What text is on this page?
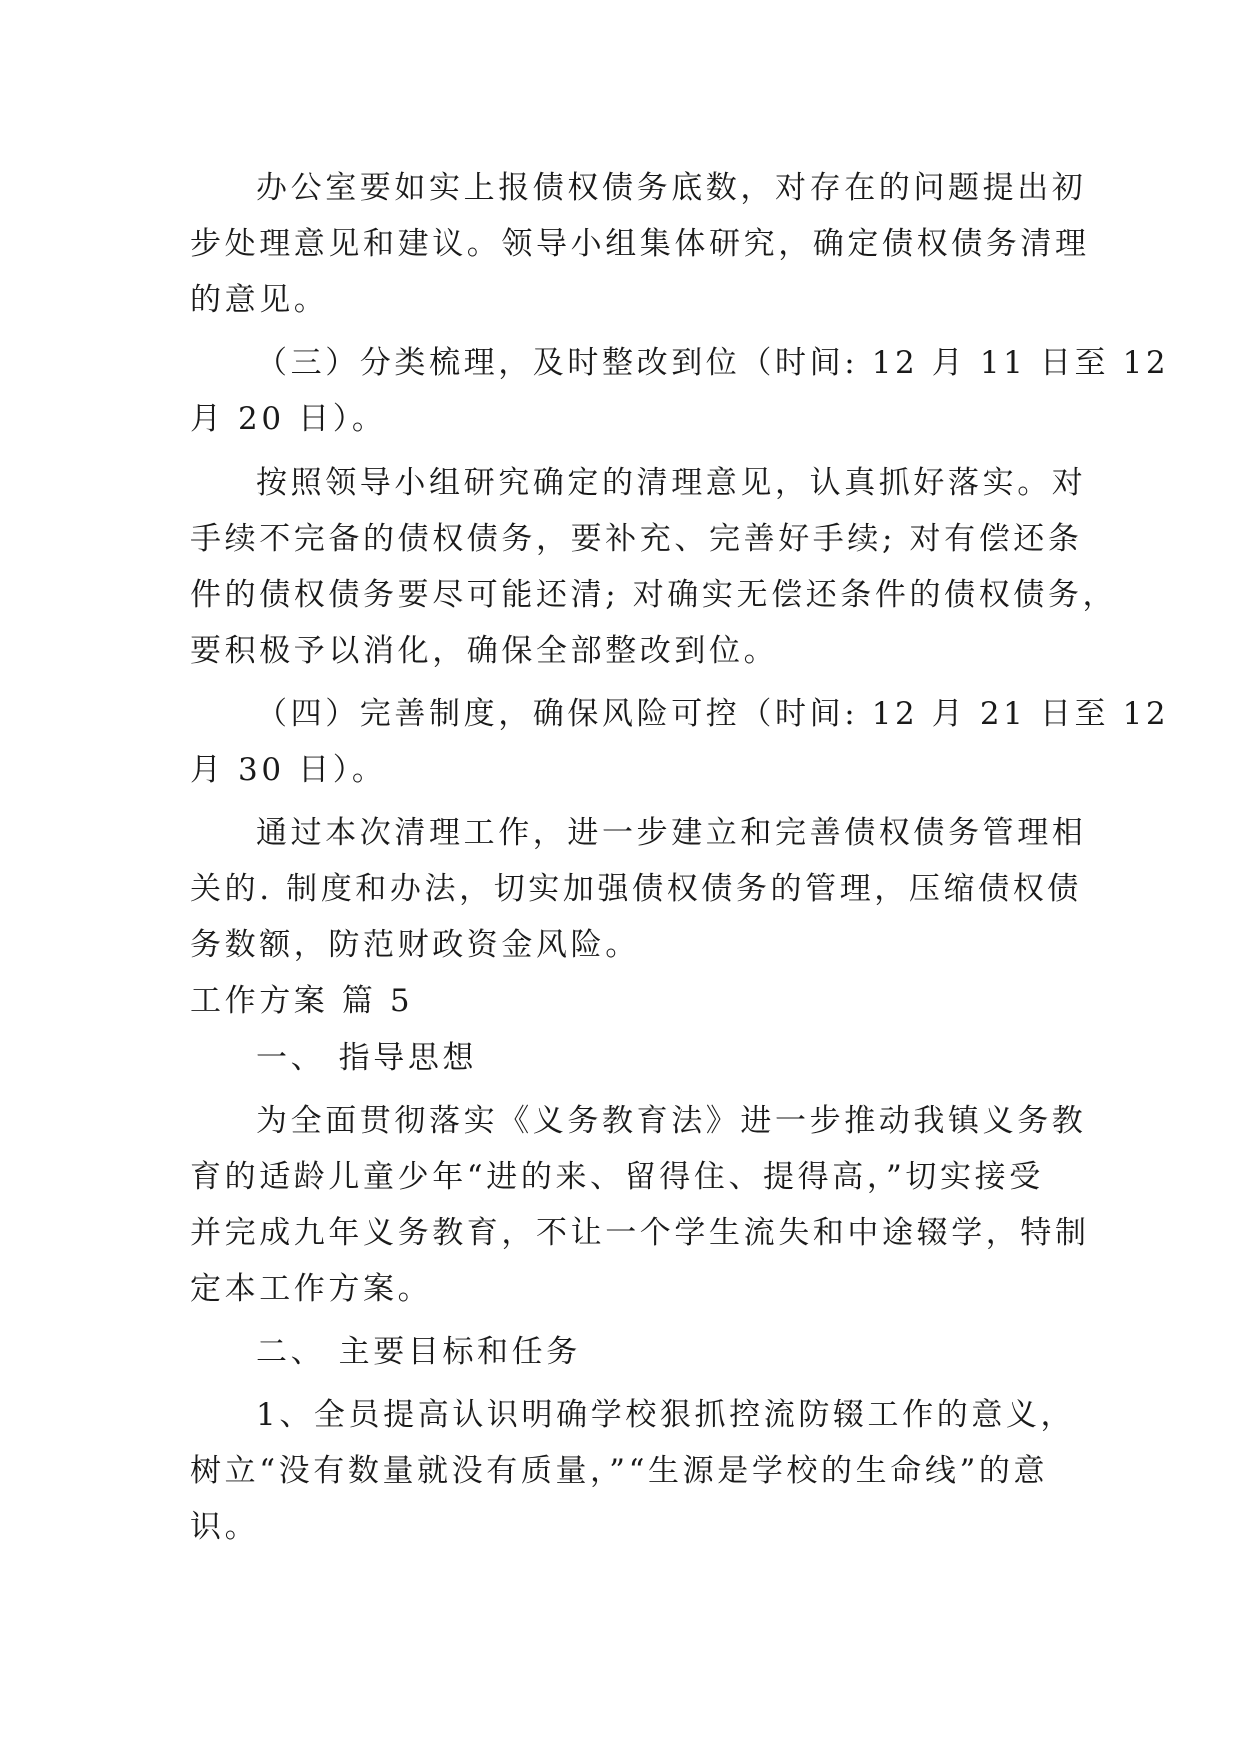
办公室要如实上报债权债务底数，对存在的问题提出初
步处理意见和建议。领导小组集体研究，确定债权债务清理
的意见。
（三）分类梳理，及时整改到位（时间: 12 月 11 日至 12
月 20 日）。
按照领导小组研究确定的清理意见，认真抓好落实。对
手续不完备的债权债务，要补充、完善好手续; 对有偿还条
件的债权债务要尽可能还清; 对确实无偿还条件的债权债务，
要积极予以消化，确保全部整改到位。
（四）完善制度，确保风险可控（时间: 12 月 21 日至 12
月 30 日）。
通过本次清理工作，进一步建立和完善债权债务管理相
关的. 制度和办法，切实加强债权债务的管理，压缩债权债
务数额，防范财政资金风险。
工作方案 篇 5
一、 指导思想
为全面贯彻落实《义务教育法》进一步推动我镇义务教
育的适龄儿童少年“进的来、留得住、提得高，”切实接受
并完成九年义务教育，不让一个学生流失和中途辍学，特制
定本工作方案。
二、 主要目标和任务
1、全员提高认识明确学校狠抓控流防辍工作的意义，
树立“没有数量就没有质量，”“生源是学校的生命线”的意
识。
